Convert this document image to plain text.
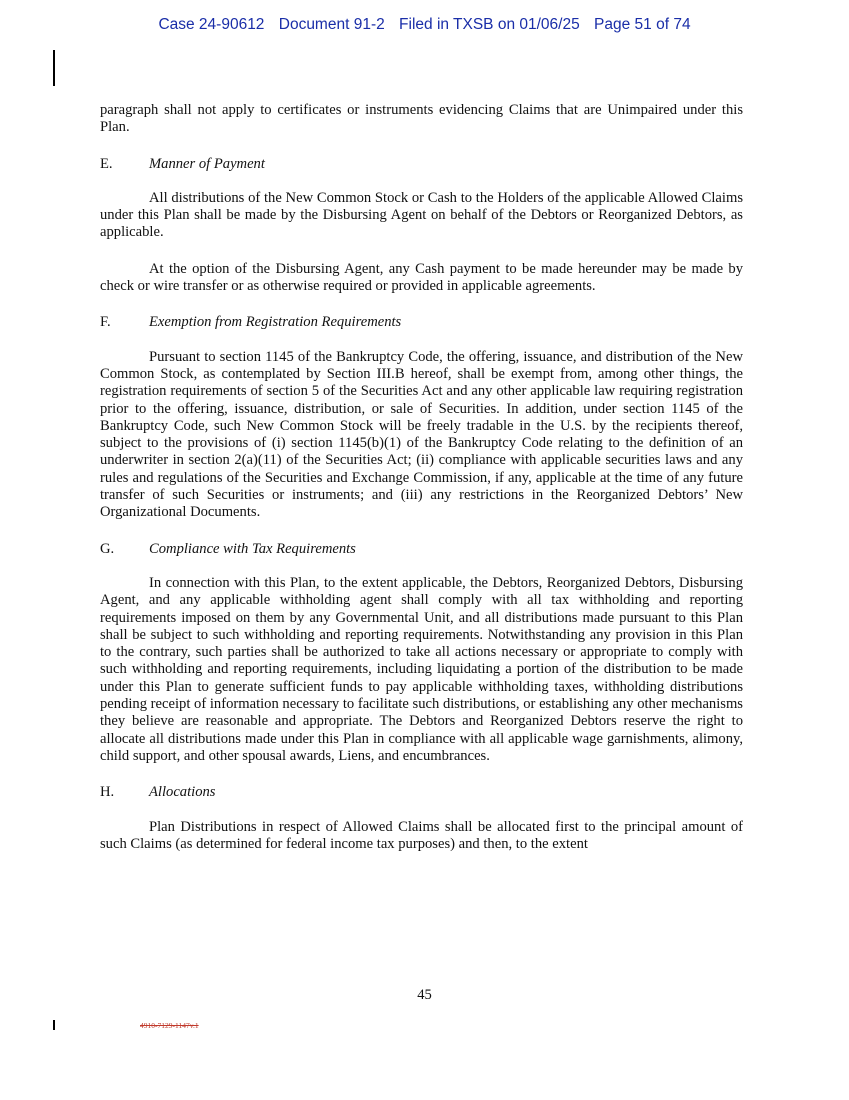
Case 24-90612 Document 91-2 Filed in TXSB on 01/06/25 Page 51 of 74

paragraph shall not apply to certificates or instruments evidencing Claims that are Unimpaired under this Plan.

E. Manner of Payment

All distributions of the New Common Stock or Cash to the Holders of the applicable Allowed Claims under this Plan shall be made by the Disbursing Agent on behalf of the Debtors or Reorganized Debtors, as applicable.

At the option of the Disbursing Agent, any Cash payment to be made hereunder may be made by check or wire transfer or as otherwise required or provided in applicable agreements.

F.	Exemption from Registration Requirements

Pursuant to section 1145 of the Bankruptcy Code, the offering, issuance, and distribution of the New Common Stock, as contemplated by Section III.B hereof, shall be exempt from, among other things, the registration requirements of section 5 of the Securities Act and any other applicable law requiring registration prior to the offering, issuance, distribution, or sale of Securities. In addition, under section 1145 of the Bankruptcy Code, such New Common Stock will be freely tradable in the U.S. by the recipients thereof, subject to the provisions of (i) section 1145(b)(1) of the Bankruptcy Code relating to the definition of an underwriter in section 2(a)(11) of the Securities Act; (ii) compliance with applicable securities laws and any rules and regulations of the Securities and Exchange Commission, if any, applicable at the time of any future transfer of such Securities or instruments; and (iii) any restrictions in the Reorganized Debtors’ New Organizational Documents.

G. Compliance with Tax Requirements

In connection with this Plan, to the extent applicable, the Debtors, Reorganized Debtors, Disbursing Agent, and any applicable withholding agent shall comply with all tax withholding and reporting requirements imposed on them by any Governmental Unit, and all distributions made pursuant to this Plan shall be subject to such withholding and reporting requirements. Notwithstanding any provision in this Plan to the contrary, such parties shall be authorized to take all actions necessary or appropriate to comply with such withholding and reporting requirements, including liquidating a portion of the distribution to be made under this Plan to generate sufficient funds to pay applicable withholding taxes, withholding distributions pending receipt of information necessary to facilitate such distributions, or establishing any other mechanisms they believe are reasonable and appropriate. The Debtors and Reorganized Debtors reserve the right to allocate all distributions made under this Plan in compliance with all applicable wage garnishments, alimony, child support, and other spousal awards, Liens, and encumbrances.

H. Allocations

Plan Distributions in respect of Allowed Claims shall be allocated first to the principal amount of such Claims (as determined for federal income tax purposes) and then, to the extent

45
4910-7129-1147v.1
